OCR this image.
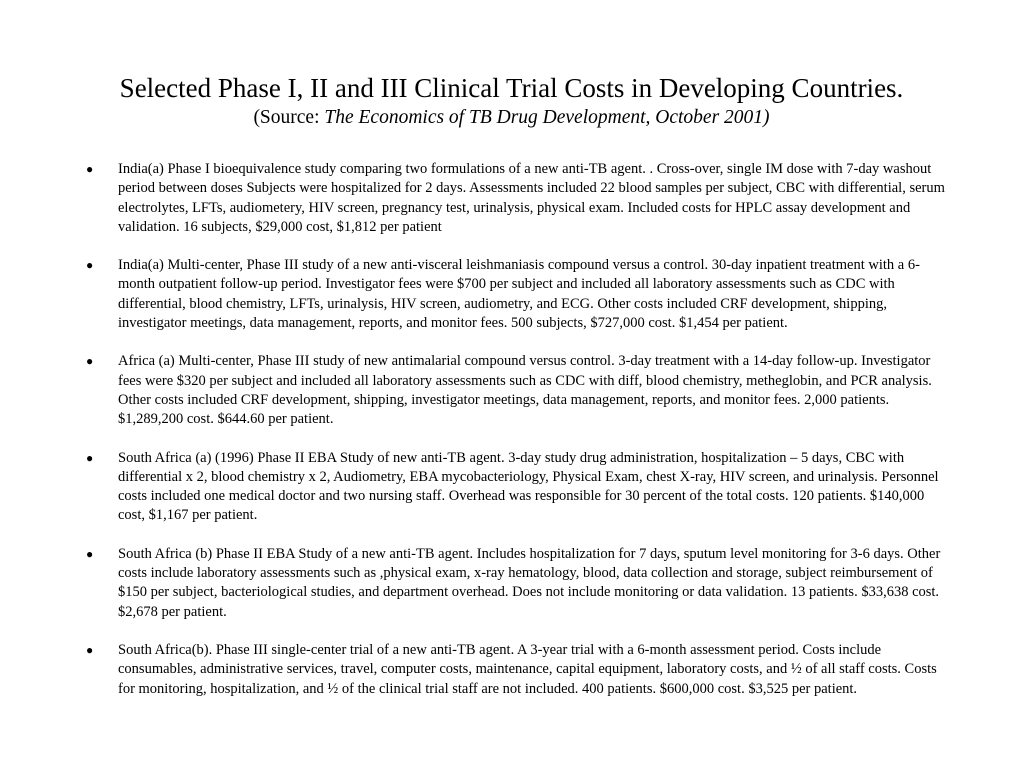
Selected Phase I, II and III Clinical Trial Costs in Developing Countries.

(Source: The Economics of TB Drug Development, October 2001)

● India(a) Phase I bioequivalence study comparing two formulations of a new anti-TB agent. . Cross-over, single IM dose with 7-day washout period between doses Subjects were hospitalized for 2 days. Assessments included 22 blood samples per subject, CBC with differential, serum electrolytes, LFTs, audiometery, HIV screen, pregnancy test, urinalysis, physical exam. Included costs for HPLC assay development and validation. 16 subjects, $29,000 cost, $1,812 per patient
● India(a) Multi-center, Phase III study of a new anti-visceral leishmaniasis compound versus a control. 30-day inpatient treatment with a 6-month outpatient follow-up period. Investigator fees were $700 per subject and included all laboratory assessments such as CDC with differential, blood chemistry, LFTs, urinalysis, HIV screen, audiometry, and ECG. Other costs included CRF development, shipping, investigator meetings, data management, reports, and monitor fees. 500 subjects, $727,000 cost. $1,454 per patient.
● Africa (a) Multi-center, Phase III study of new antimalarial compound versus control. 3-day treatment with a 14-day follow-up. Investigator fees were $320 per subject and included all laboratory assessments such as CDC with diff, blood chemistry, metheglobin, and PCR analysis. Other costs included CRF development, shipping, investigator meetings, data management, reports, and monitor fees. 2,000 patients. $1,289,200 cost. $644.60 per patient.
● South Africa (a) (1996) Phase II EBA Study of new anti-TB agent. 3-day study drug administration, hospitalization – 5 days, CBC with differential x 2, blood chemistry x 2, Audiometry, EBA mycobacteriology, Physical Exam, chest X-ray, HIV screen, and urinalysis. Personnel costs included one medical doctor and two nursing staff. Overhead was responsible for 30 percent of the total costs. 120 patients. $140,000 cost, $1,167 per patient.
● South Africa (b) Phase II EBA Study of a new anti-TB agent. Includes hospitalization for 7 days, sputum level monitoring for 3-6 days. Other costs include laboratory assessments such as ,physical exam, x-ray hematology, blood, data collection and storage, subject reimbursement of $150 per subject, bacteriological studies, and department overhead. Does not include monitoring or data validation. 13 patients. $33,638 cost. $2,678 per patient.
● South Africa(b). Phase III single-center trial of a new anti-TB agent. A 3-year trial with a 6-month assessment period. Costs include consumables, administrative services, travel, computer costs, maintenance, capital equipment, laboratory costs, and ½ of all staff costs. Costs for monitoring, hospitalization, and ½ of the clinical trial staff are not included. 400 patients. $600,000 cost. $3,525 per patient.
